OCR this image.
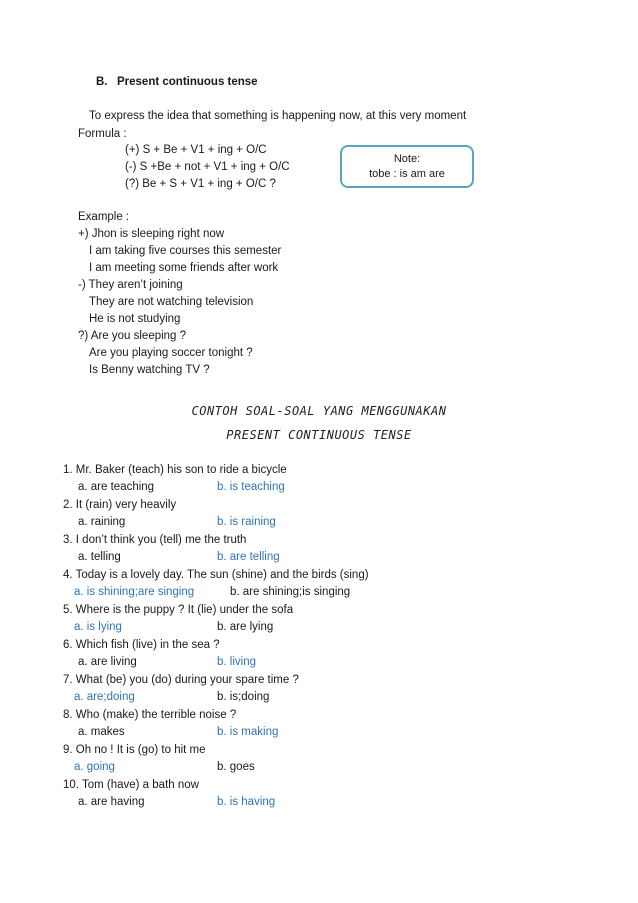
B. Present continuous tense
To express the idea that something is happening now, at this very moment
Formula :
(+) S + Be + V1 + ing + O/C
(-) S +Be + not + V1 + ing + O/C
(?) Be + S + V1 + ing + O/C ?
Note:
tobe : is am are
Example :
+) Jhon is sleeping right now
I am taking five courses this semester
I am meeting some friends after work
-) They aren’t joining
They are not watching television
He is not studying
?) Are you sleeping ?
Are you playing soccer tonight ?
Is Benny watching TV ?
CONTOH SOAL-SOAL YANG MENGGUNAKAN
PRESENT CONTINUOUS TENSE
1. Mr. Baker (teach) his son to ride a bicycle
a. are teaching	b. is teaching
2. It (rain) very heavily
a. raining	b. is raining
3. I don’t think you (tell) me the truth
a. telling	b. are telling
4. Today is a lovely day. The sun (shine) and the birds (sing)
a. is shining;are singing	b. are shining;is singing
5. Where is the puppy ? It (lie) under the sofa
a. is lying	b. are lying
6. Which fish (live) in the sea ?
a. are living	b. living
7. What (be) you (do) during your spare time ?
a. are;doing	b. is;doing
8. Who (make) the terrible noise ?
a. makes	b. is making
9. Oh no ! It is (go) to hit me
a. going	b. goes
10. Tom (have) a bath now
a. are having	b. is having
